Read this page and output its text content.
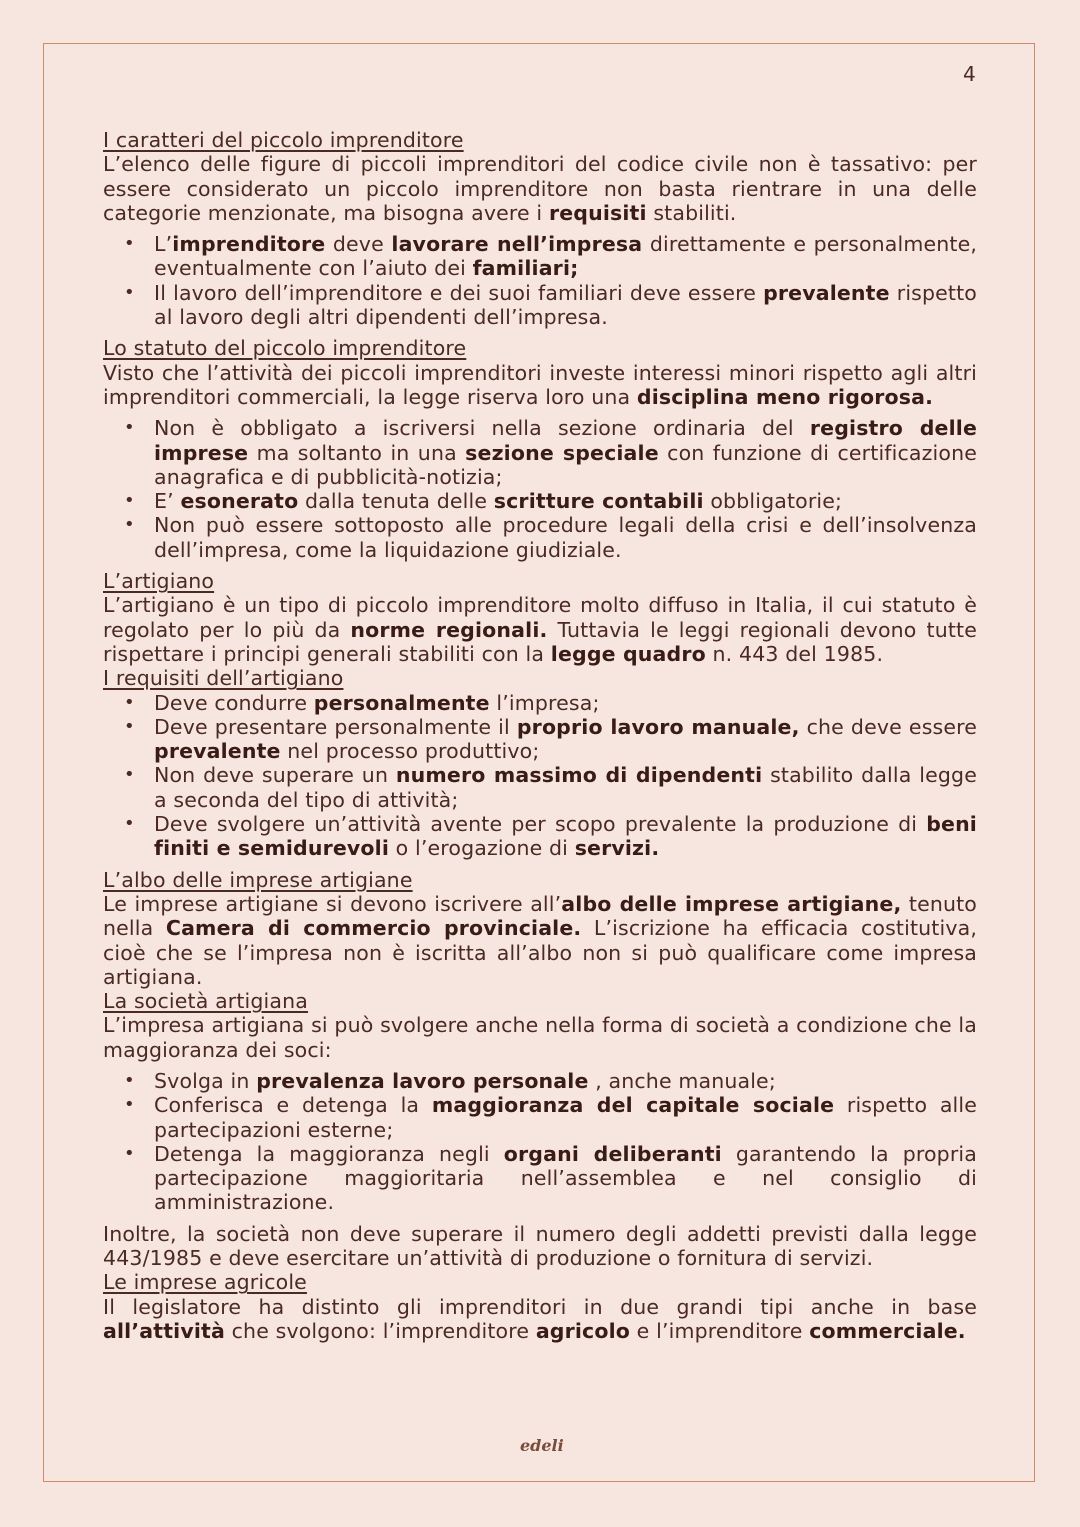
4

I caratteri del piccolo imprenditore

L’elenco delle figure di piccoli imprenditori del codice civile non è tassativo: per essere considerato un piccolo imprenditore non basta rientrare in una delle categorie menzionate, ma bisogna avere i requisiti stabiliti.

• L’imprenditore deve lavorare nell’impresa direttamente e personalmente, eventualmente con l’aiuto dei familiari;
• Il lavoro dell’imprenditore e dei suoi familiari deve essere prevalente rispetto al lavoro degli altri dipendenti dell’impresa.

Lo statuto del piccolo imprenditore

Visto che l’attività dei piccoli imprenditori investe interessi minori rispetto agli altri imprenditori commerciali, la legge riserva loro una disciplina meno rigorosa.

• Non è obbligato a iscriversi nella sezione ordinaria del registro delle imprese ma soltanto in una sezione speciale con funzione di certificazione anagrafica e di pubblicità-notizia;
• E’ esonerato dalla tenuta delle scritture contabili obbligatorie;
• Non può essere sottoposto alle procedure legali della crisi e dell’insolvenza dell’impresa, come la liquidazione giudiziale.

L’artigiano

L’artigiano è un tipo di piccolo imprenditore molto diffuso in Italia, il cui statuto è regolato per lo più da norme regionali. Tuttavia le leggi regionali devono tutte rispettare i principi generali stabiliti con la legge quadro n. 443 del 1985.

I requisiti dell’artigiano

• Deve condurre personalmente l’impresa;
• Deve presentare personalmente il proprio lavoro manuale, che deve essere prevalente nel processo produttivo;
• Non deve superare un numero massimo di dipendenti stabilito dalla legge a seconda del tipo di attività;
• Deve svolgere un’attività avente per scopo prevalente la produzione di beni finiti e semidurevoli o l’erogazione di servizi.

L’albo delle imprese artigiane

Le imprese artigiane si devono iscrivere all’albo delle imprese artigiane, tenuto nella Camera di commercio provinciale. L’iscrizione ha efficacia costitutiva, cioè che se l’impresa non è iscritta all’albo non si può qualificare come impresa artigiana.

La società artigiana

L’impresa artigiana si può svolgere anche nella forma di società a condizione che la maggioranza dei soci:

• Svolga in prevalenza lavoro personale , anche manuale;
• Conferisca e detenga la maggioranza del capitale sociale rispetto alle partecipazioni esterne;
• Detenga la maggioranza negli organi deliberanti garantendo la propria partecipazione maggioritaria nell’assemblea e nel consiglio di amministrazione.

Inoltre, la società non deve superare il numero degli addetti previsti dalla legge 443/1985 e deve esercitare un’attività di produzione o fornitura di servizi.

Le imprese agricole

Il legislatore ha distinto gli imprenditori in due grandi tipi anche in base all’attività che svolgono: l’imprenditore agricolo e l’imprenditore commerciale.

edeli
